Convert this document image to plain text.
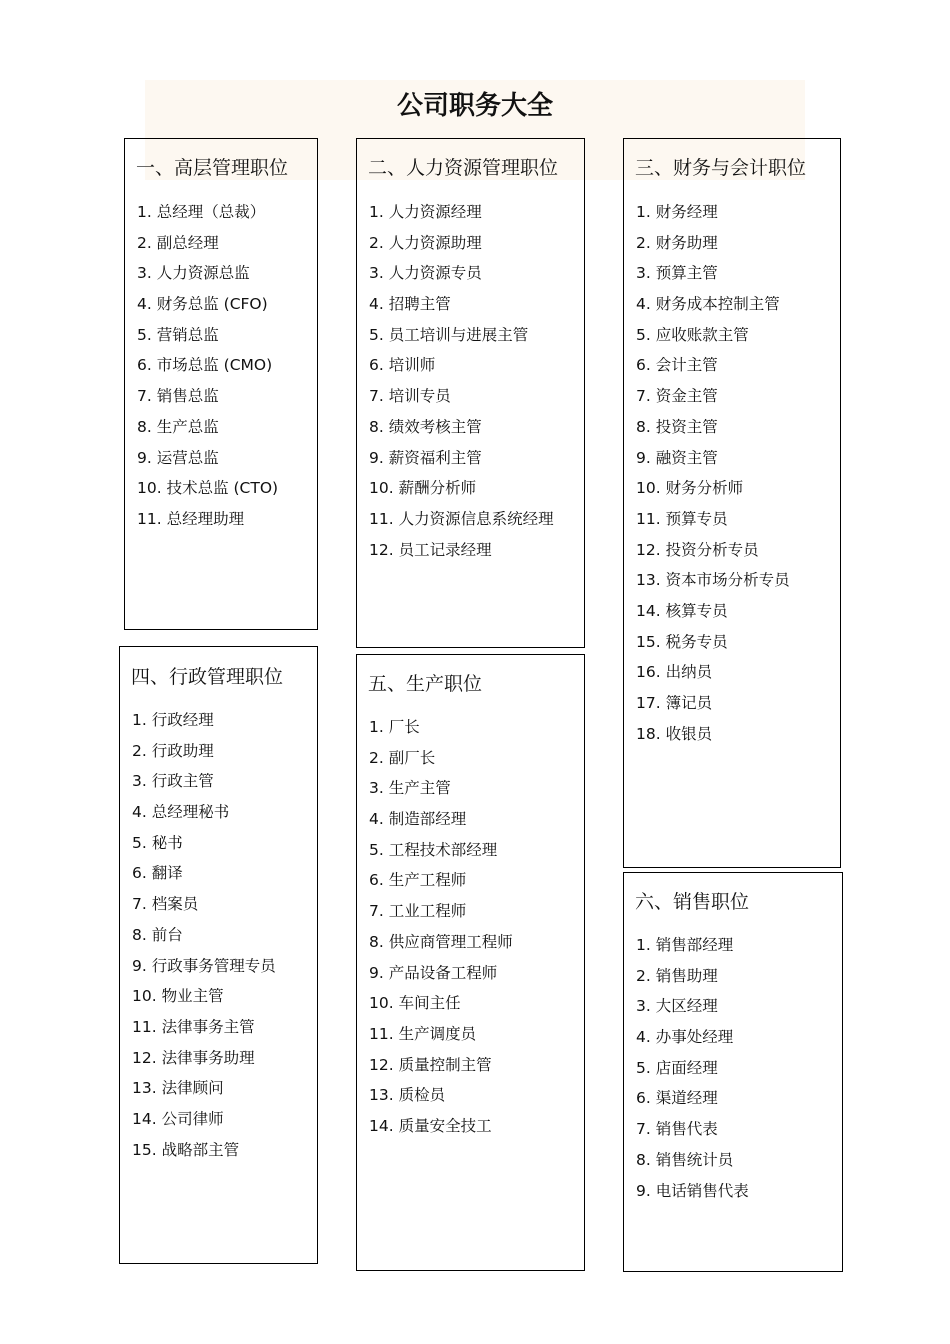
公司职务大全
一、高层管理职位
1. 总经理（总裁）
2. 副总经理
3. 人力资源总监
4. 财务总监 (CFO)
5. 营销总监
6. 市场总监 (CMO)
7. 销售总监
8. 生产总监
9. 运营总监
10. 技术总监 (CTO)
11. 总经理助理
二、人力资源管理职位
1. 人力资源经理
2. 人力资源助理
3. 人力资源专员
4. 招聘主管
5. 员工培训与进展主管
6. 培训师
7. 培训专员
8. 绩效考核主管
9. 薪资福利主管
10. 薪酬分析师
11. 人力资源信息系统经理
12. 员工记录经理
三、财务与会计职位
1. 财务经理
2. 财务助理
3. 预算主管
4. 财务成本控制主管
5. 应收账款主管
6. 会计主管
7. 资金主管
8. 投资主管
9. 融资主管
10. 财务分析师
11. 预算专员
12. 投资分析专员
13. 资本市场分析专员
14. 核算专员
15. 税务专员
16. 出纳员
17. 簿记员
18. 收银员
四、行政管理职位
1. 行政经理
2. 行政助理
3. 行政主管
4. 总经理秘书
5. 秘书
6. 翻译
7. 档案员
8. 前台
9. 行政事务管理专员
10. 物业主管
11. 法律事务主管
12. 法律事务助理
13. 法律顾问
14. 公司律师
15. 战略部主管
五、生产职位
1. 厂长
2. 副厂长
3. 生产主管
4. 制造部经理
5. 工程技术部经理
6. 生产工程师
7. 工业工程师
8. 供应商管理工程师
9. 产品设备工程师
10. 车间主任
11. 生产调度员
12. 质量控制主管
13. 质检员
14. 质量安全技工
六、销售职位
1. 销售部经理
2. 销售助理
3. 大区经理
4. 办事处经理
5. 店面经理
6. 渠道经理
7. 销售代表
8. 销售统计员
9. 电话销售代表
